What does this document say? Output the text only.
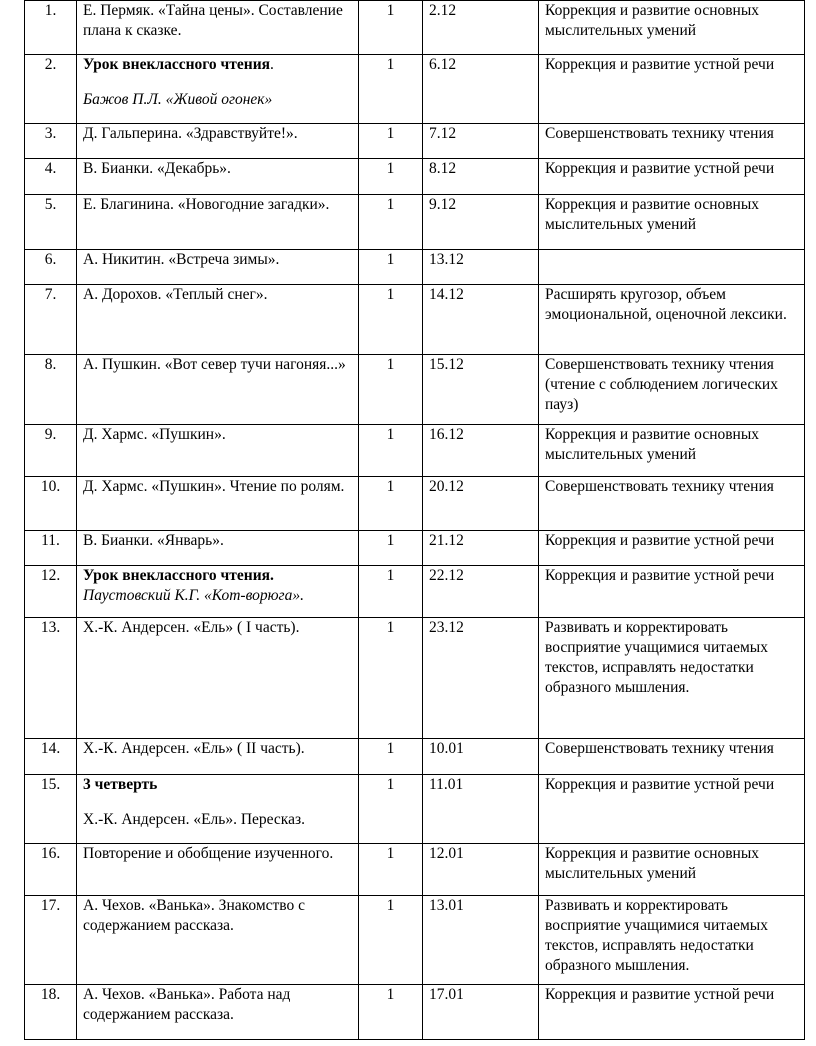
1.	Е. Пермяк. «Тайна цены». Составление плана к сказке.	1	2.12	Коррекция и развитие основных мыслительных умений
2.	Урок внеклассного чтения.
Бажов П.Л. «Живой огонек»	1	6.12	Коррекция и развитие устной речи
3.	Д. Гальперина. «Здравствуйте!».	1	7.12	Совершенствовать технику чтения
4.	В. Бианки. «Декабрь».	1	8.12	Коррекция и развитие устной речи
5.	Е. Благинина. «Новогодние загадки».	1	9.12	Коррекция и развитие основных мыслительных умений
6.	А. Никитин. «Встреча зимы».	1	13.12	
7.	А. Дорохов. «Теплый снег».	1	14.12	Расширять кругозор, объем эмоциональной, оценочной лексики.
8.	А. Пушкин. «Вот север тучи нагоняя...»	1	15.12	Совершенствовать технику чтения (чтение с соблюдением логических пауз)
9.	Д. Хармс. «Пушкин».	1	16.12	Коррекция и развитие основных мыслительных умений
10.	Д. Хармс. «Пушкин». Чтение по ролям.	1	20.12	Совершенствовать технику чтения
11.	В. Бианки. «Январь».	1	21.12	Коррекция и развитие устной речи
12.	Урок внеклассного чтения.
Паустовский К.Г. «Кот-ворюга».	1	22.12	Коррекция и развитие устной речи
13.	Х.-К. Андерсен. «Ель» ( I часть).	1	23.12	Развивать и корректировать восприятие учащимися читаемых текстов, исправлять недостатки образного мышления.
14.	Х.-К. Андерсен. «Ель» ( II часть).	1	10.01	Совершенствовать технику чтения
15.	3 четверть
Х.-К. Андерсен. «Ель». Пересказ.	1	11.01	Коррекция и развитие устной речи
16.	Повторение и обобщение изученного.	1	12.01	Коррекция и развитие основных мыслительных умений
17.	А. Чехов. «Ванька». Знакомство с содержанием рассказа.	1	13.01	Развивать и корректировать восприятие учащимися читаемых текстов, исправлять недостатки образного мышления.
18.	А. Чехов. «Ванька». Работа над содержанием рассказа.	1	17.01	Коррекция и развитие устной речи
